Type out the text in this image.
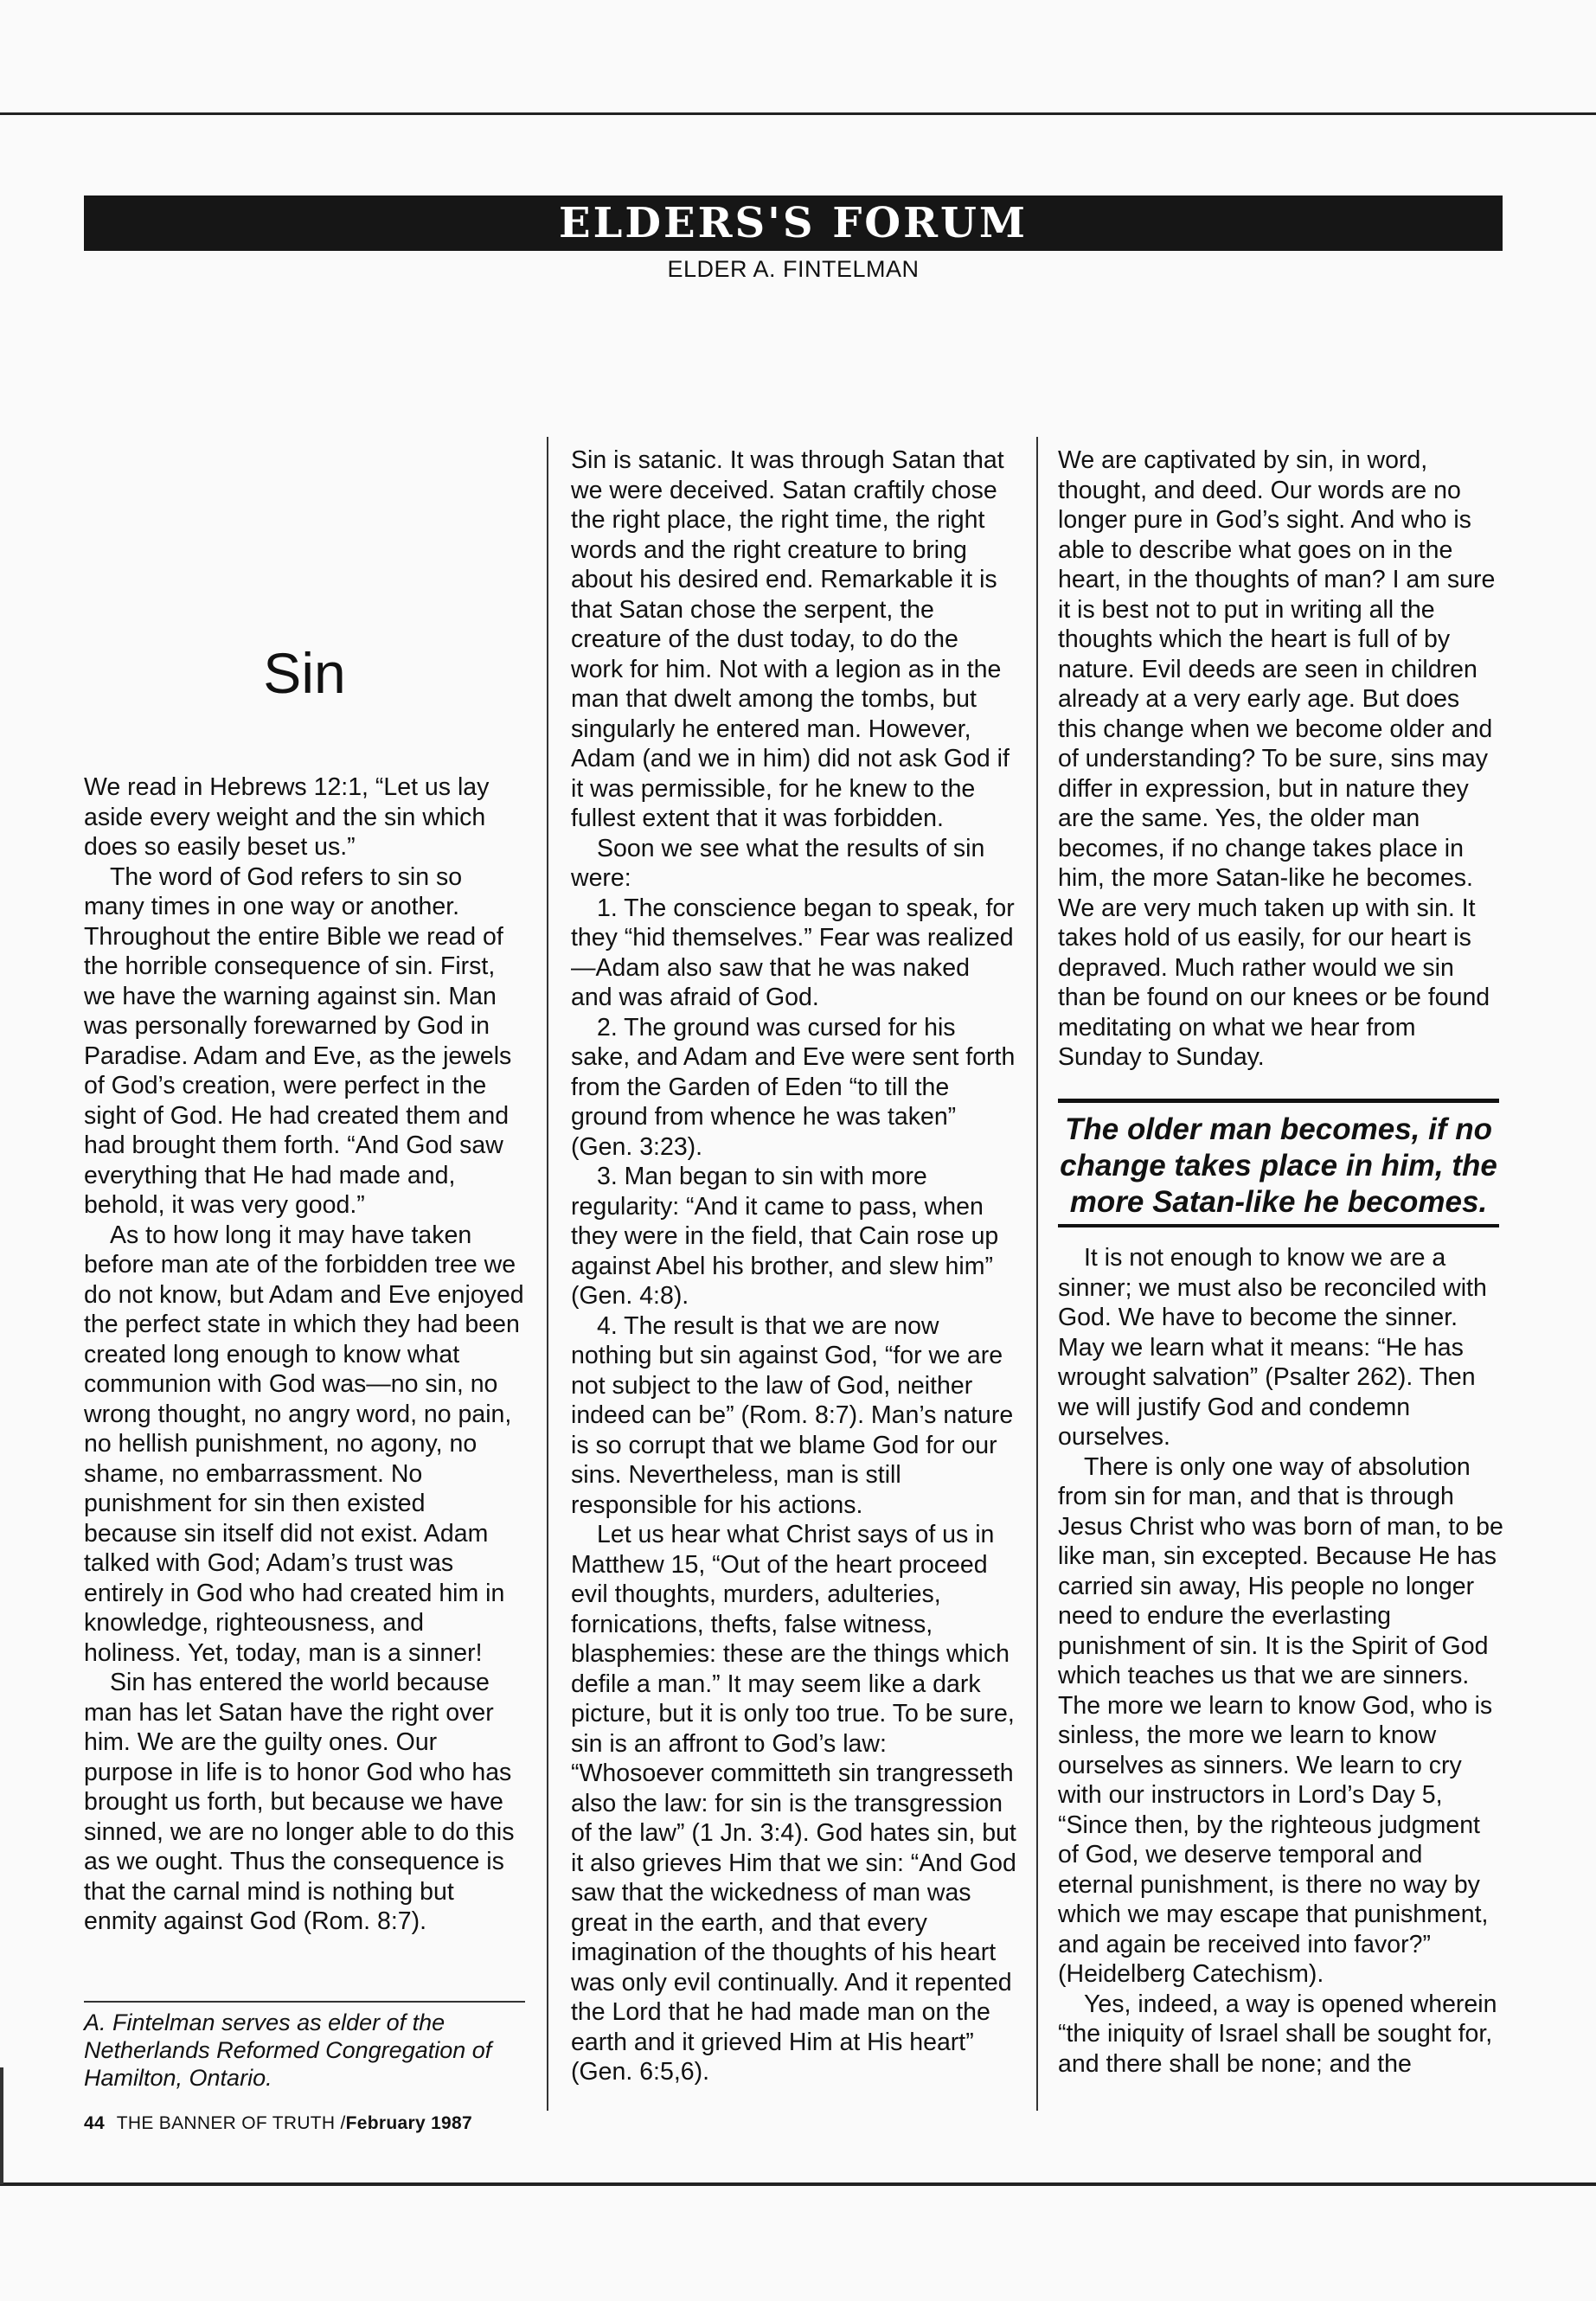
ELDERS'S FORUM
ELDER A. FINTELMAN
Sin

We read in Hebrews 12:1, “Let us lay aside every weight and the sin which does so easily beset us.”

The word of God refers to sin so many times in one way or another. Throughout the entire Bible we read of the horrible consequence of sin. First, we have the warning against sin. Man was personally forewarned by God in Paradise. Adam and Eve, as the jewels of God’s creation, were perfect in the sight of God. He had created them and had brought them forth. “And God saw everything that He had made and, behold, it was very good.”

As to how long it may have taken before man ate of the forbidden tree we do not know, but Adam and Eve enjoyed the perfect state in which they had been created long enough to know what communion with God was—no sin, no wrong thought, no angry word, no pain, no hellish punishment, no agony, no shame, no embarrassment. No punishment for sin then existed because sin itself did not exist. Adam talked with God; Adam’s trust was entirely in God who had created him in knowledge, righteousness, and holiness. Yet, today, man is a sinner!

Sin has entered the world because man has let Satan have the right over him. We are the guilty ones. Our purpose in life is to honor God who has brought us forth, but because we have sinned, we are no longer able to do this as we ought. Thus the consequence is that the carnal mind is nothing but enmity against God (Rom. 8:7).

A. Fintelman serves as elder of the Netherlands Reformed Congregation of Hamilton, Ontario.
44 THE BANNER OF TRUTH /February 1987

Sin is satanic. It was through Satan that we were deceived. Satan craftily chose the right place, the right time, the right words and the right creature to bring about his desired end. Remarkable it is that Satan chose the serpent, the creature of the dust today, to do the work for him. Not with a legion as in the man that dwelt among the tombs, but singularly he entered man. However, Adam (and we in him) did not ask God if it was permissible, for he knew to the fullest extent that it was forbidden.

Soon we see what the results of sin were:

1. The conscience began to speak, for they “hid themselves.” Fear was realized—Adam also saw that he was naked and was afraid of God.

2. The ground was cursed for his sake, and Adam and Eve were sent forth from the Garden of Eden “to till the ground from whence he was taken” (Gen. 3:23).

3. Man began to sin with more regularity: “And it came to pass, when they were in the field, that Cain rose up against Abel his brother, and slew him” (Gen. 4:8).

4. The result is that we are now nothing but sin against God, “for we are not subject to the law of God, neither indeed can be” (Rom. 8:7). Man’s nature is so corrupt that we blame God for our sins. Nevertheless, man is still responsible for his actions.

Let us hear what Christ says of us in Matthew 15, “Out of the heart proceed evil thoughts, murders, adulteries, fornications, thefts, false witness, blasphemies: these are the things which defile a man.” It may seem like a dark picture, but it is only too true. To be sure, sin is an affront to God’s law: “Whosoever committeth sin trangresseth also the law: for sin is the transgression of the law” (1 Jn. 3:4). God hates sin, but it also grieves Him that we sin: “And God saw that the wickedness of man was great in the earth, and that every imagination of the thoughts of his heart was only evil continually. And it repented the Lord that he had made man on the earth and it grieved Him at His heart” (Gen. 6:5,6).

We are captivated by sin, in word, thought, and deed. Our words are no longer pure in God’s sight. And who is able to describe what goes on in the heart, in the thoughts of man? I am sure it is best not to put in writing all the thoughts which the heart is full of by nature. Evil deeds are seen in children already at a very early age. But does this change when we become older and of understanding? To be sure, sins may differ in expression, but in nature they are the same. Yes, the older man becomes, if no change takes place in him, the more Satan-like he becomes. We are very much taken up with sin. It takes hold of us easily, for our heart is depraved. Much rather would we sin than be found on our knees or be found meditating on what we hear from Sunday to Sunday.

The older man becomes, if no change takes place in him, the more Satan-like he becomes.

It is not enough to know we are a sinner; we must also be reconciled with God. We have to become the sinner. May we learn what it means: “He has wrought salvation” (Psalter 262). Then we will justify God and condemn ourselves.

There is only one way of absolution from sin for man, and that is through Jesus Christ who was born of man, to be like man, sin excepted. Because He has carried sin away, His people no longer need to endure the everlasting punishment of sin. It is the Spirit of God which teaches us that we are sinners. The more we learn to know God, who is sinless, the more we learn to know ourselves as sinners. We learn to cry with our instructors in Lord’s Day 5, “Since then, by the righteous judgment of God, we deserve temporal and eternal punishment, is there no way by which we may escape that punishment, and again be received into favor?” (Heidelberg Catechism).

Yes, indeed, a way is opened wherein “the iniquity of Israel shall be sought for, and there shall be none; and the
